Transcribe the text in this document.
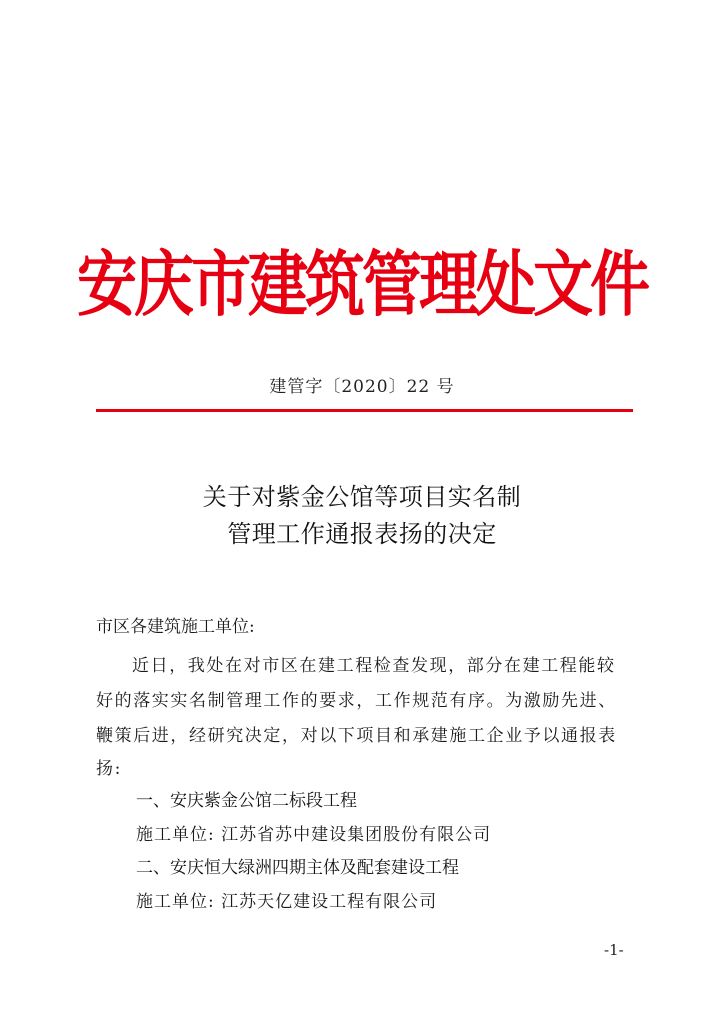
安庆市建筑管理处文件
建管字〔2020〕22 号
关于对紫金公馆等项目实名制
管理工作通报表扬的决定
市区各建筑施工单位:
近日，我处在对市区在建工程检查发现，部分在建工程能较
好的落实实名制管理工作的要求，工作规范有序。为激励先进、
鞭策后进，经研究决定，对以下项目和承建施工企业予以通报表
扬:
一、安庆紫金公馆二标段工程
施工单位: 江苏省苏中建设集团股份有限公司
二、安庆恒大绿洲四期主体及配套建设工程
施工单位: 江苏天亿建设工程有限公司
-1-
